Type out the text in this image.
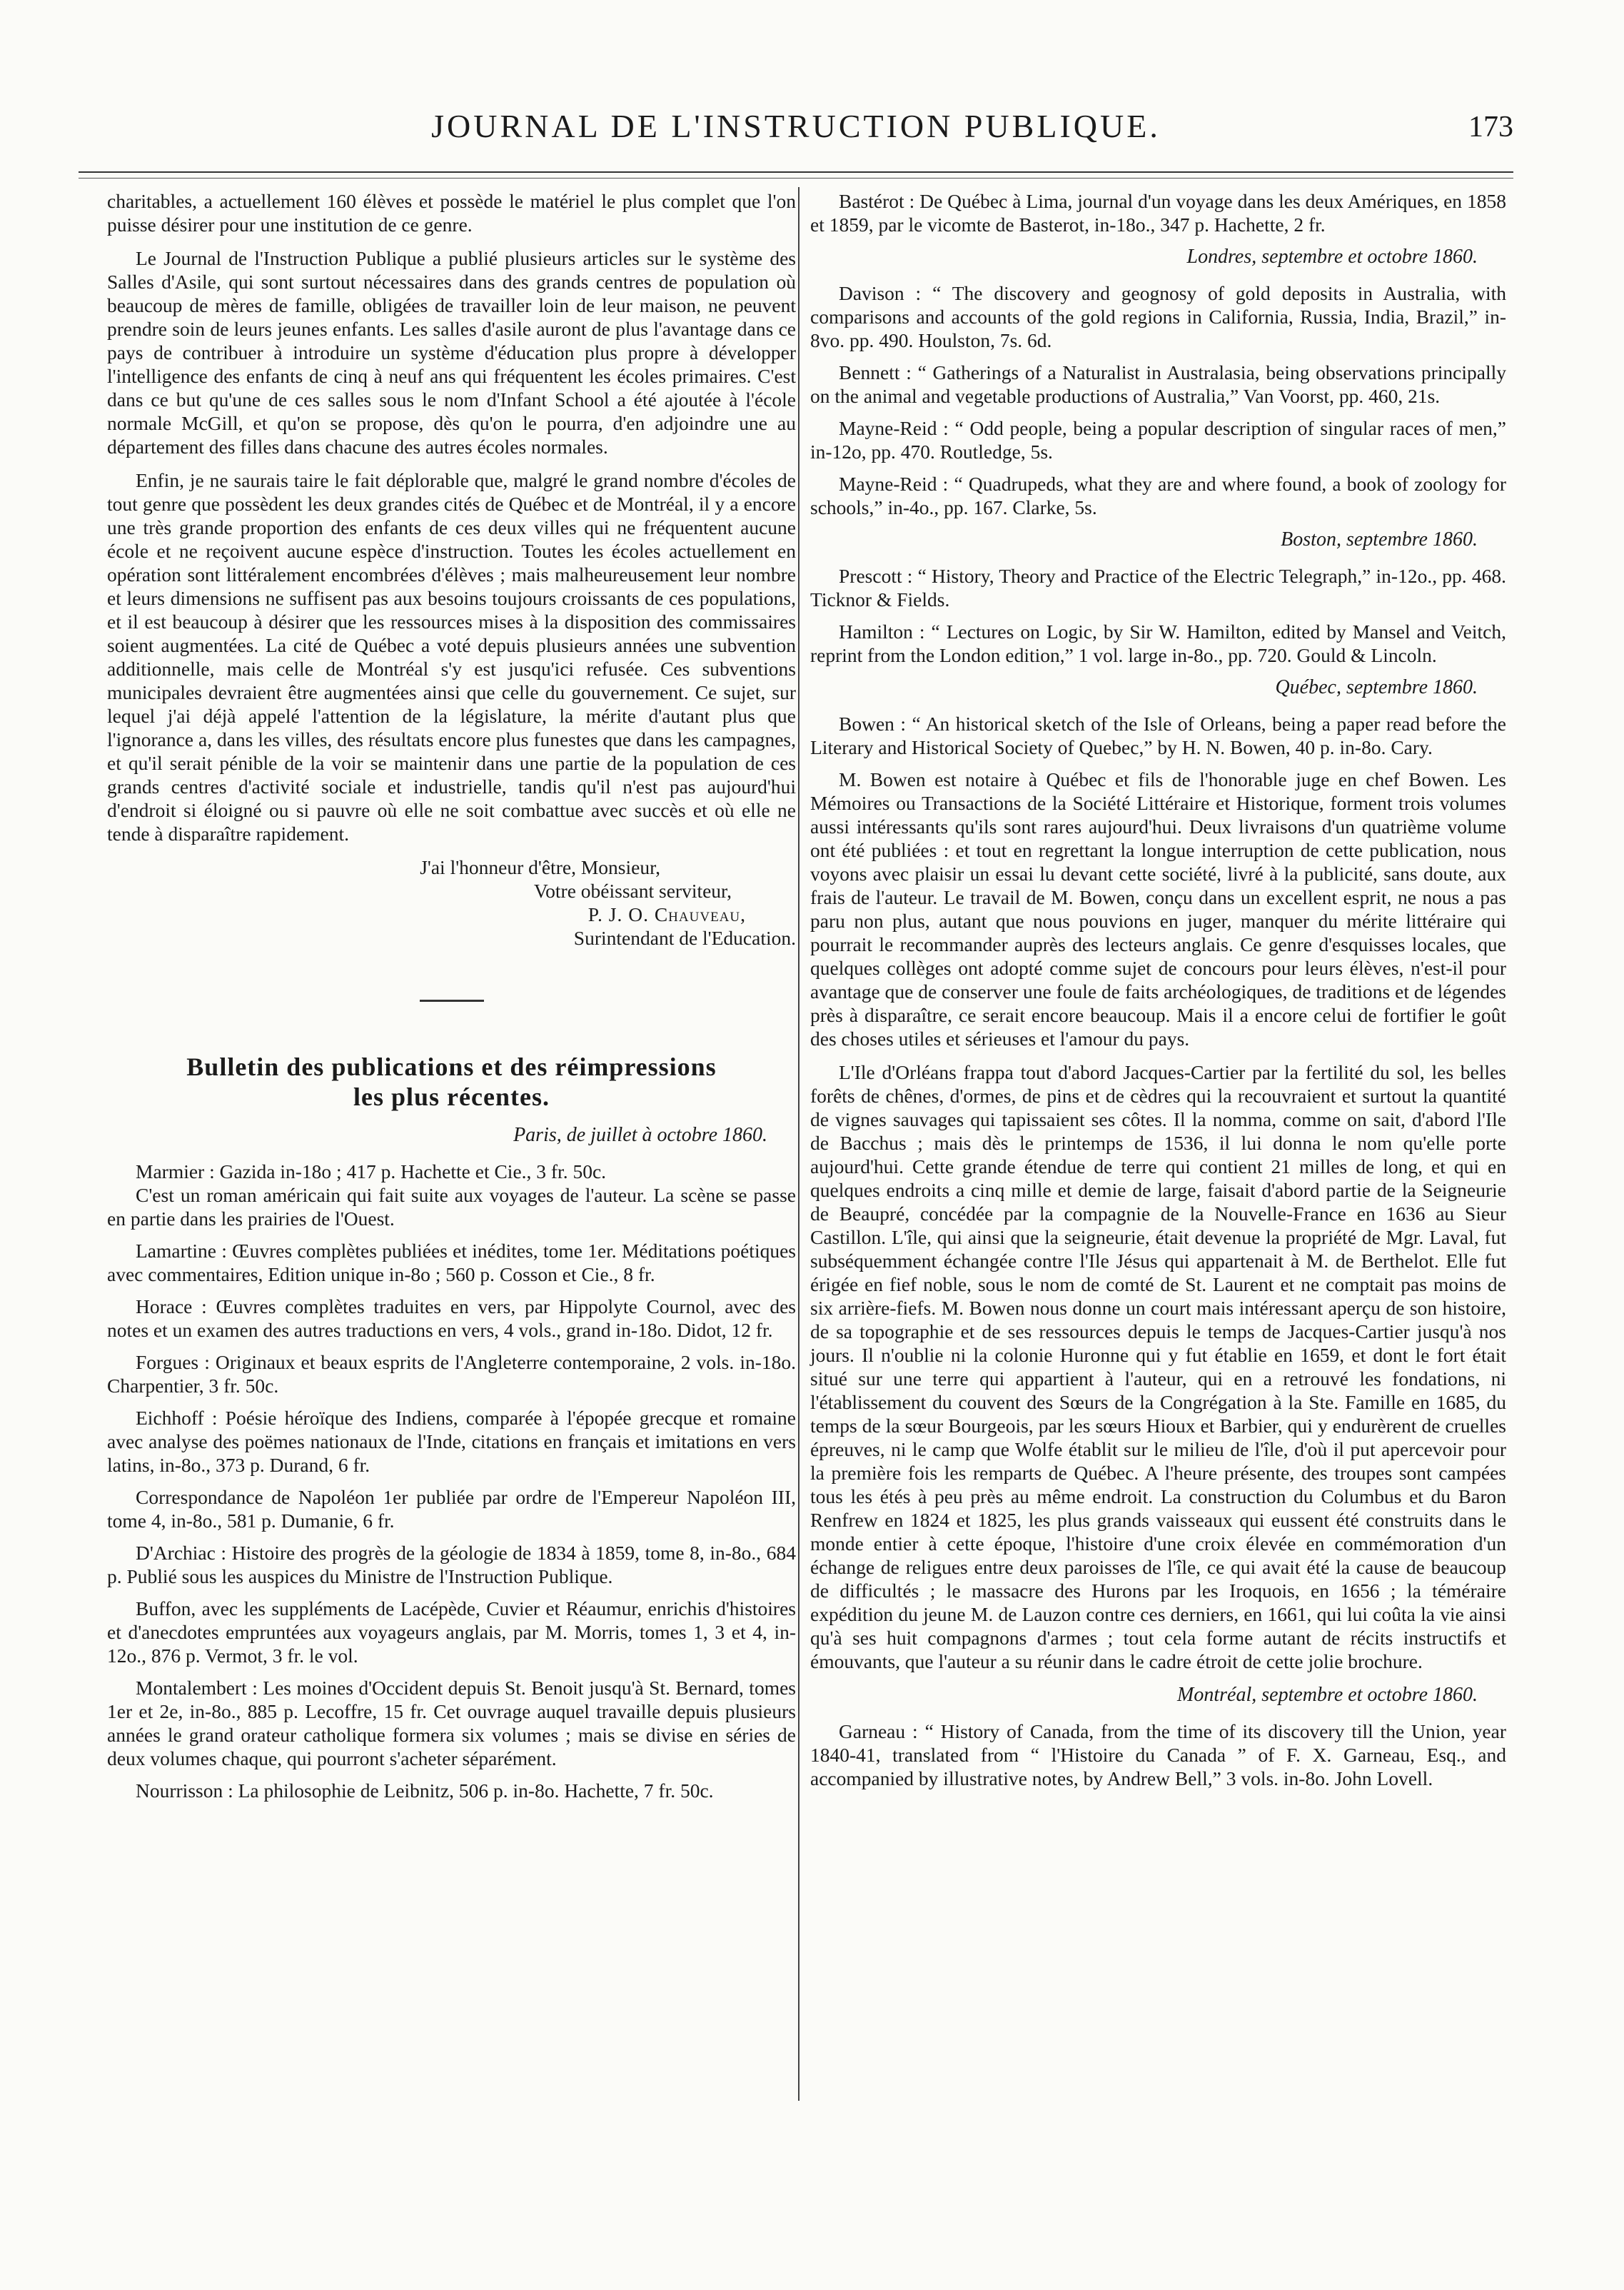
JOURNAL DE L'INSTRUCTION PUBLIQUE.	173

charitables, a actuellement 160 élèves et possède le matériel le plus complet que l'on puisse désirer pour une institution de ce genre.

Le Journal de l'Instruction Publique a publié plusieurs articles sur le système des Salles d'Asile, qui sont surtout nécessaires dans des grands centres de population où beaucoup de mères de famille, obligées de travailler loin de leur maison, ne peuvent prendre soin de leurs jeunes enfants. Les salles d'asile auront de plus l'avantage dans ce pays de contribuer à introduire un système d'éducation plus propre à développer l'intelligence des enfants de cinq à neuf ans qui fréquentent les écoles primaires. C'est dans ce but qu'une de ces salles sous le nom d'Infant School a été ajoutée à l'école normale McGill, et qu'on se propose, dès qu'on le pourra, d'en adjoindre une au département des filles dans chacune des autres écoles normales.

Enfin, je ne saurais taire le fait déplorable que, malgré le grand nombre d'écoles de tout genre que possèdent les deux grandes cités de Québec et de Montréal, il y a encore une très grande proportion des enfants de ces deux villes qui ne fréquentent aucune école et ne reçoivent aucune espèce d'instruction. Toutes les écoles actuellement en opération sont littéralement encombrées d'élèves ; mais malheureusement leur nombre et leurs dimensions ne suffisent pas aux besoins toujours croissants de ces populations, et il est beaucoup à désirer que les ressources mises à la disposition des commissaires soient augmentées. La cité de Québec a voté depuis plusieurs années une subvention additionnelle, mais celle de Montréal s'y est jusqu'ici refusée. Ces subventions municipales devraient être augmentées ainsi que celle du gouvernement. Ce sujet, sur lequel j'ai déjà appelé l'attention de la législature, la mérite d'autant plus que l'ignorance a, dans les villes, des résultats encore plus funestes que dans les campagnes, et qu'il serait pénible de la voir se maintenir dans une partie de la population de ces grands centres d'activité sociale et industrielle, tandis qu'il n'est pas aujourd'hui d'endroit si éloigné ou si pauvre où elle ne soit combattue avec succès et où elle ne tende à disparaître rapidement.

J'ai l'honneur d'être, Monsieur,

Votre obéissant serviteur,

P. J. O. Chauveau,

Surintendant de l'Education.

Bulletin des publications et des réimpressions
les plus récentes.
Paris, de juillet à octobre 1860.

Marmier : Gazida in-18o ; 417 p. Hachette et Cie., 3 fr. 50c.

C'est un roman américain qui fait suite aux voyages de l'auteur. La scène se passe en partie dans les prairies de l'Ouest.

Lamartine : Œuvres complètes publiées et inédites, tome 1er. Méditations poétiques avec commentaires, Edition unique in-8o ; 560 p. Cosson et Cie., 8 fr.

Horace : Œuvres complètes traduites en vers, par Hippolyte Cournol, avec des notes et un examen des autres traductions en vers, 4 vols., grand in-18o. Didot, 12 fr.

Forgues : Originaux et beaux esprits de l'Angleterre contemporaine, 2 vols. in-18o. Charpentier, 3 fr. 50c.

Eichhoff : Poésie héroïque des Indiens, comparée à l'épopée grecque et romaine avec analyse des poëmes nationaux de l'Inde, citations en français et imitations en vers latins, in-8o., 373 p. Durand, 6 fr.

Correspondance de Napoléon 1er publiée par ordre de l'Empereur Napoléon III, tome 4, in-8o., 581 p. Dumanie, 6 fr.

D'Archiac : Histoire des progrès de la géologie de 1834 à 1859, tome 8, in-8o., 684 p. Publié sous les auspices du Ministre de l'Instruction Publique.

Buffon, avec les suppléments de Lacépède, Cuvier et Réaumur, enrichis d'histoires et d'anecdotes empruntées aux voyageurs anglais, par M. Morris, tomes 1, 3 et 4, in-12o., 876 p. Vermot, 3 fr. le vol.

Montalembert : Les moines d'Occident depuis St. Benoit jusqu'à St. Bernard, tomes 1er et 2e, in-8o., 885 p. Lecoffre, 15 fr. Cet ouvrage auquel travaille depuis plusieurs années le grand orateur catholique formera six volumes ; mais se divise en séries de deux volumes chaque, qui pourront s'acheter séparément.

Nourrisson : La philosophie de Leibnitz, 506 p. in-8o. Hachette, 7 fr. 50c.

Bastérot : De Québec à Lima, journal d'un voyage dans les deux Amériques, en 1858 et 1859, par le vicomte de Basterot, in-18o., 347 p. Hachette, 2 fr.

Londres, septembre et octobre 1860.

Davison : “ The discovery and geognosy of gold deposits in Australia, with comparisons and accounts of the gold regions in California, Russia, India, Brazil,” in-8vo. pp. 490. Houlston, 7s. 6d.

Bennett : “ Gatherings of a Naturalist in Australasia, being observations principally on the animal and vegetable productions of Australia,” Van Voorst, pp. 460, 21s.

Mayne-Reid : “ Odd people, being a popular description of singular races of men,” in-12o, pp. 470. Routledge, 5s.

Mayne-Reid : “ Quadrupeds, what they are and where found, a book of zoology for schools,” in-4o., pp. 167. Clarke, 5s.

Boston, septembre 1860.

Prescott : “ History, Theory and Practice of the Electric Telegraph,” in-12o., pp. 468. Ticknor & Fields.

Hamilton : “ Lectures on Logic, by Sir W. Hamilton, edited by Mansel and Veitch, reprint from the London edition,” 1 vol. large in-8o., pp. 720. Gould & Lincoln.

Québec, septembre 1860.

Bowen : “ An historical sketch of the Isle of Orleans, being a paper read before the Literary and Historical Society of Quebec,” by H. N. Bowen, 40 p. in-8o. Cary.

M. Bowen est notaire à Québec et fils de l'honorable juge en chef Bowen. Les Mémoires ou Transactions de la Société Littéraire et Historique, forment trois volumes aussi intéressants qu'ils sont rares aujourd'hui. Deux livraisons d'un quatrième volume ont été publiées : et tout en regrettant la longue interruption de cette publication, nous voyons avec plaisir un essai lu devant cette société, livré à la publicité, sans doute, aux frais de l'auteur. Le travail de M. Bowen, conçu dans un excellent esprit, ne nous a pas paru non plus, autant que nous pouvions en juger, manquer du mérite littéraire qui pourrait le recommander auprès des lecteurs anglais. Ce genre d'esquisses locales, que quelques collèges ont adopté comme sujet de concours pour leurs élèves, n'est-il pour avantage que de conserver une foule de faits archéologiques, de traditions et de légendes près à disparaître, ce serait encore beaucoup. Mais il a encore celui de fortifier le goût des choses utiles et sérieuses et l'amour du pays.

L'Ile d'Orléans frappa tout d'abord Jacques-Cartier par la fertilité du sol, les belles forêts de chênes, d'ormes, de pins et de cèdres qui la recouvraient et surtout la quantité de vignes sauvages qui tapissaient ses côtes. Il la nomma, comme on sait, d'abord l'Ile de Bacchus ; mais dès le printemps de 1536, il lui donna le nom qu'elle porte aujourd'hui. Cette grande étendue de terre qui contient 21 milles de long, et qui en quelques endroits a cinq mille et demie de large, faisait d'abord partie de la Seigneurie de Beaupré, concédée par la compagnie de la Nouvelle-France en 1636 au Sieur Castillon. L'île, qui ainsi que la seigneurie, était devenue la propriété de Mgr. Laval, fut subséquemment échangée contre l'Ile Jésus qui appartenait à M. de Berthelot. Elle fut érigée en fief noble, sous le nom de comté de St. Laurent et ne comptait pas moins de six arrière-fiefs. M. Bowen nous donne un court mais intéressant aperçu de son histoire, de sa topographie et de ses ressources depuis le temps de Jacques-Cartier jusqu'à nos jours. Il n'oublie ni la colonie Huronne qui y fut établie en 1659, et dont le fort était situé sur une terre qui appartient à l'auteur, qui en a retrouvé les fondations, ni l'établissement du couvent des Sœurs de la Congrégation à la Ste. Famille en 1685, du temps de la sœur Bourgeois, par les sœurs Hioux et Barbier, qui y endurèrent de cruelles épreuves, ni le camp que Wolfe établit sur le milieu de l'île, d'où il put apercevoir pour la première fois les remparts de Québec. A l'heure présente, des troupes sont campées tous les étés à peu près au même endroit. La construction du Columbus et du Baron Renfrew en 1824 et 1825, les plus grands vaisseaux qui eussent été construits dans le monde entier à cette époque, l'histoire d'une croix élevée en commémoration d'un échange de religues entre deux paroisses de l'île, ce qui avait été la cause de beaucoup de difficultés ; le massacre des Hurons par les Iroquois, en 1656 ; la téméraire expédition du jeune M. de Lauzon contre ces derniers, en 1661, qui lui coûta la vie ainsi qu'à ses huit compagnons d'armes ; tout cela forme autant de récits instructifs et émouvants, que l'auteur a su réunir dans le cadre étroit de cette jolie brochure.

Montréal, septembre et octobre 1860.

Garneau : “ History of Canada, from the time of its discovery till the Union, year 1840-41, translated from “ l'Histoire du Canada ” of F. X. Garneau, Esq., and accompanied by illustrative notes, by Andrew Bell,” 3 vols. in-8o. John Lovell.
